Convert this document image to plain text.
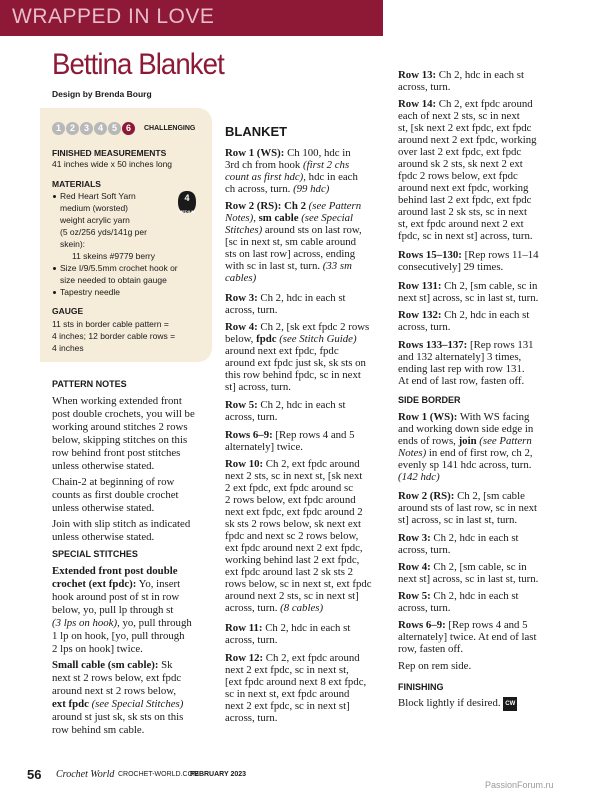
WRAPPED IN LOVE
Bettina Blanket
Design by Brenda Bourg
1 2 3 4 5 6	CHALLENGING
FINISHED MEASUREMENTS
41 inches wide x 50 inches long
MATERIALS
Red Heart Soft Yarn
medium (worsted)
weight acrylic yarn
(5 oz/256 yds/141g per
skein):
11 skeins #9779 berry
Size I/9/5.5mm crochet hook or
size needed to obtain gauge
Tapestry needle
4
MEDIUM
GAUGE
11 sts in border cable pattern =
4 inches; 12 border cable rows =
4 inches
PATTERN NOTES
When working extended front
post double crochets, you will be
working around stitches 2 rows
below, skipping stitches on this
row behind front post stitches
unless otherwise stated.
Chain-2 at beginning of row
counts as first double crochet
unless otherwise stated.
Join with slip stitch as indicated
unless otherwise stated.
SPECIAL STITCHES
Extended front post double
crochet (ext fpdc): Yo, insert
hook around post of st in row
below, yo, pull lp through st
(3 lps on hook), yo, pull through
1 lp on hook, [yo, pull through
2 lps on hook] twice.
Small cable (sm cable): Sk
next st 2 rows below, ext fpdc
around next st 2 rows below,
ext fpdc (see Special Stitches)
around st just sk, sk sts on this
row behind sm cable.
BLANKET
Row 1 (WS): Ch 100, hdc in
3rd ch from hook (first 2 chs
count as first hdc), hdc in each
ch across, turn. (99 hdc)
Row 2 (RS): Ch 2 (see Pattern
Notes), sm cable (see Special
Stitches) around sts on last row,
[sc in next st, sm cable around
sts on last row] across, ending
with sc in last st, turn. (33 sm
cables)
Row 3: Ch 2, hdc in each st
across, turn.
Row 4: Ch 2, [sk ext fpdc 2 rows
below, fpdc (see Stitch Guide)
around next ext fpdc, fpdc
around ext fpdc just sk, sk sts on
this row behind fpdc, sc in next
st] across, turn.
Row 5: Ch 2, hdc in each st
across, turn.
Rows 6–9: [Rep rows 4 and 5
alternately] twice.
Row 10: Ch 2, ext fpdc around
next 2 sts, sc in next st, [sk next
2 ext fpdc, ext fpdc around sc
2 rows below, ext fpdc around
next ext fpdc, ext fpdc around 2
sk sts 2 rows below, sk next ext
fpdc and next sc 2 rows below,
ext fpdc around next 2 ext fpdc,
working behind last 2 ext fpdc,
ext fpdc around last 2 sk sts 2
rows below, sc in next st, ext fpdc
around next 2 sts, sc in next st]
across, turn. (8 cables)
Row 11: Ch 2, hdc in each st
across, turn.
Row 12: Ch 2, ext fpdc around
next 2 ext fpdc, sc in next st,
[ext fpdc around next 8 ext fpdc,
sc in next st, ext fpdc around
next 2 ext fpdc, sc in next st]
across, turn.
Row 13: Ch 2, hdc in each st
across, turn.
Row 14: Ch 2, ext fpdc around
each of next 2 sts, sc in next
st, [sk next 2 ext fpdc, ext fpdc
around next 2 ext fpdc, working
over last 2 ext fpdc, ext fpdc
around sk 2 sts, sk next 2 ext
fpdc 2 rows below, ext fpdc
around next ext fpdc, working
behind last 2 ext fpdc, ext fpdc
around last 2 sk sts, sc in next
st, ext fpdc around next 2 ext
fpdc, sc in next st] across, turn.
Rows 15–130: [Rep rows 11–14
consecutively] 29 times.
Row 131: Ch 2, [sm cable, sc in
next st] across, sc in last st, turn.
Row 132: Ch 2, hdc in each st
across, turn.
Rows 133–137: [Rep rows 131
and 132 alternately] 3 times,
ending last rep with row 131.
At end of last row, fasten off.
SIDE BORDER
Row 1 (WS): With WS facing
and working down side edge in
ends of rows, join (see Pattern
Notes) in end of first row, ch 2,
evenly sp 141 hdc across, turn.
(142 hdc)
Row 2 (RS): Ch 2, [sm cable
around sts of last row, sc in next
st] across, sc in last st, turn.
Row 3: Ch 2, hdc in each st
across, turn.
Row 4: Ch 2, [sm cable, sc in
next st] across, sc in last st, turn.
Row 5: Ch 2, hdc in each st
across, turn.
Rows 6–9: [Rep rows 4 and 5
alternately] twice. At end of last
row, fasten off.
Rep on rem side.
FINISHING
Block lightly if desired. CW
56 Crochet World CROCHET-WORLD.COM
FEBRUARY 2023
PassionForum.ru
